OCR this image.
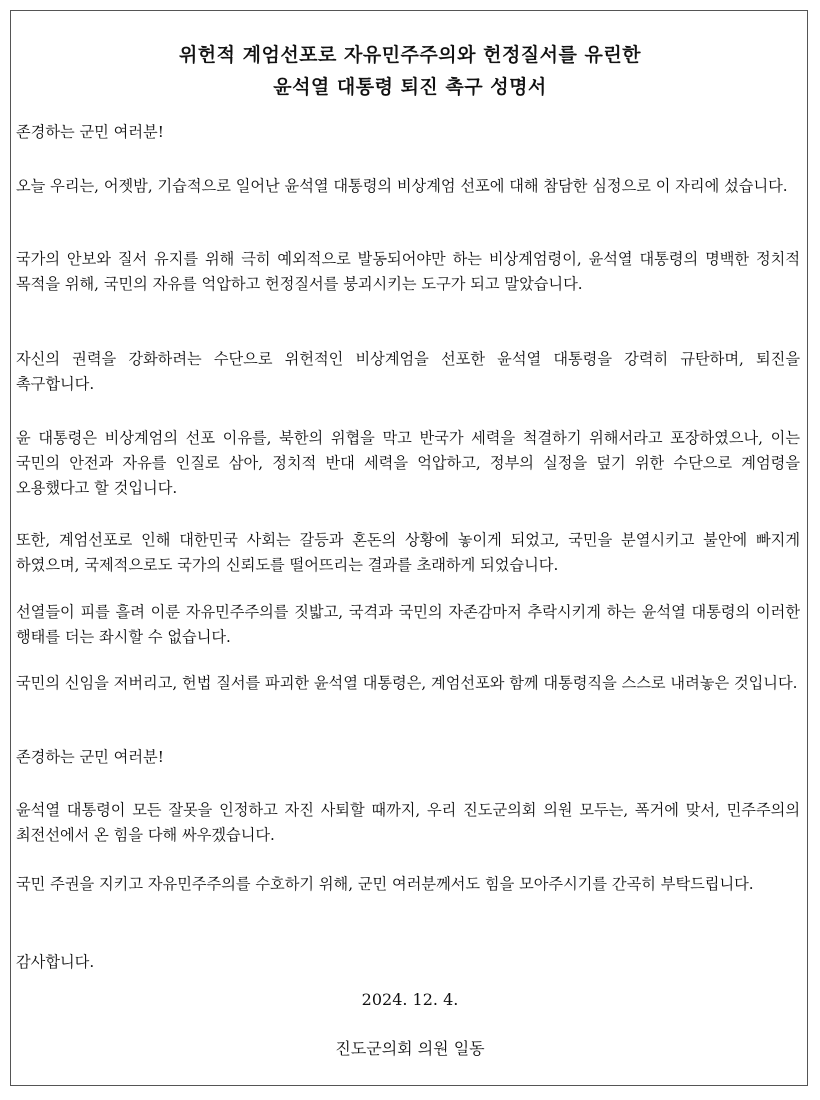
위헌적 계엄선포로 자유민주주의와 헌정질서를 유린한
윤석열 대통령 퇴진 촉구 성명서
존경하는 군민 여러분!
오늘 우리는, 어젯밤, 기습적으로 일어난 윤석열 대통령의 비상계엄 선포에 대해 참담한 심정으로 이 자리에 섰습니다.
국가의 안보와 질서 유지를 위해 극히 예외적으로 발동되어야만 하는 비상계엄령이, 윤석열 대통령의 명백한 정치적 목적을 위해, 국민의 자유를 억압하고 헌정질서를 붕괴시키는 도구가 되고 말았습니다.
자신의 권력을 강화하려는 수단으로 위헌적인 비상계엄을 선포한 윤석열 대통령을 강력히 규탄하며, 퇴진을 촉구합니다.
윤 대통령은 비상계엄의 선포 이유를, 북한의 위협을 막고 반국가 세력을 척결하기 위해서라고 포장하였으나, 이는 국민의 안전과 자유를 인질로 삼아, 정치적 반대 세력을 억압하고, 정부의 실정을 덮기 위한 수단으로 계엄령을 오용했다고 할 것입니다.
또한, 계엄선포로 인해 대한민국 사회는 갈등과 혼돈의 상황에 놓이게 되었고, 국민을 분열시키고 불안에 빠지게 하였으며, 국제적으로도 국가의 신뢰도를 떨어뜨리는 결과를 초래하게 되었습니다.
선열들이 피를 흘려 이룬 자유민주주의를 짓밟고, 국격과 국민의 자존감마저 추락시키게 하는 윤석열 대통령의 이러한 행태를 더는 좌시할 수 없습니다.
국민의 신임을 저버리고, 헌법 질서를 파괴한 윤석열 대통령은, 계엄선포와 함께 대통령직을 스스로 내려놓은 것입니다.
존경하는 군민 여러분!
윤석열 대통령이 모든 잘못을 인정하고 자진 사퇴할 때까지, 우리 진도군의회 의원 모두는, 폭거에 맞서, 민주주의의 최전선에서 온 힘을 다해 싸우겠습니다.
국민 주권을 지키고 자유민주주의를 수호하기 위해, 군민 여러분께서도 힘을 모아주시기를 간곡히 부탁드립니다.
감사합니다.
2024. 12. 4.
진도군의회 의원 일동
